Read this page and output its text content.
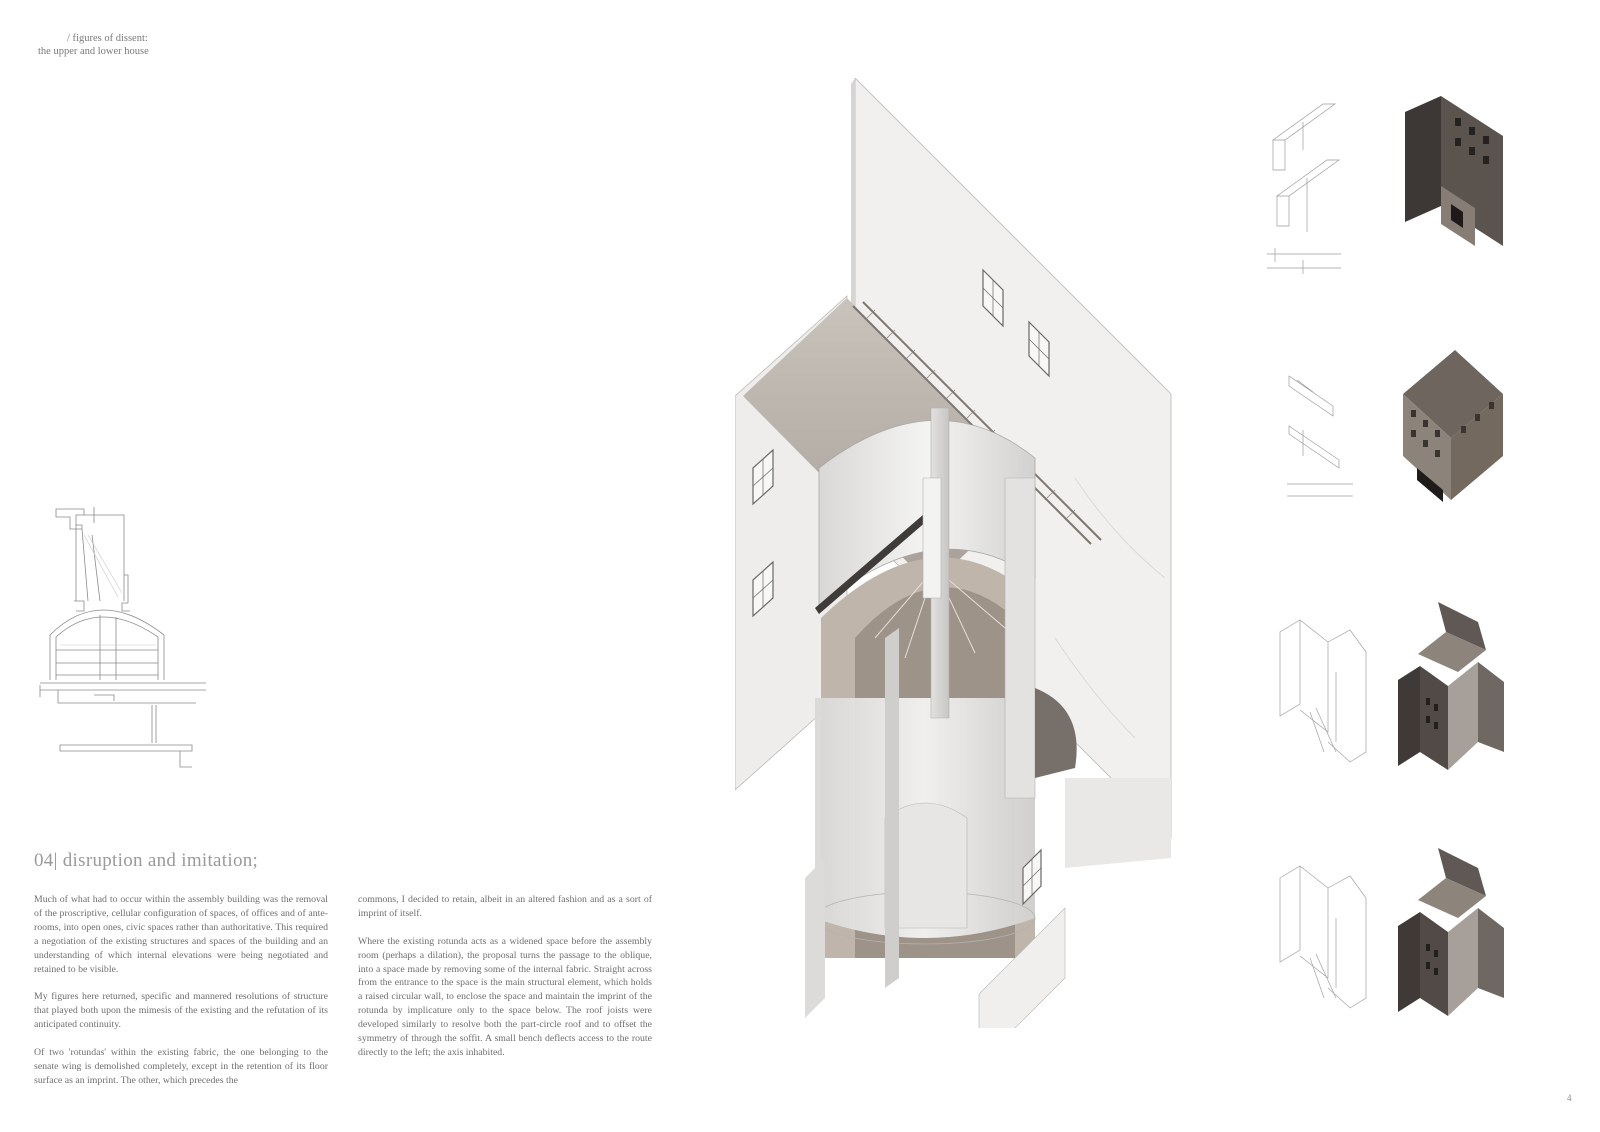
/ figures of dissent:
the upper and lower house
04| disruption and imitation;

Much of what had to occur within the assembly building was the removal of the proscriptive, cellular configuration of spaces, of offices and of ante-rooms, into open ones, civic spaces rather than authoritative. This required a negotiation of the existing structures and spaces of the building and an understanding of which internal elevations were being negotiated and retained to be visible.

My figures here returned, specific and mannered resolutions of structure that played both upon the mimesis of the existing and the refutation of its anticipated continuity.

Of two 'rotundas' within the existing fabric, the one belonging to the senate wing is demolished completely, except in the retention of its floor surface as an imprint. The other, which precedes the

commons, I decided to retain, albeit in an altered fashion and as a sort of imprint of itself.

Where the existing rotunda acts as a widened space before the assembly room (perhaps a dilation), the proposal turns the passage to the oblique, into a space made by removing some of the internal fabric. Straight across from the entrance to the space is the main structural element, which holds a raised circular wall, to enclose the space and maintain the imprint of the rotunda by implicature only to the space below. The roof joists were developed similarly to resolve both the part-circle roof and to offset the symmetry of through the soffit. A small bench deflects access to the route directly to the left; the axis inhabited.

4
